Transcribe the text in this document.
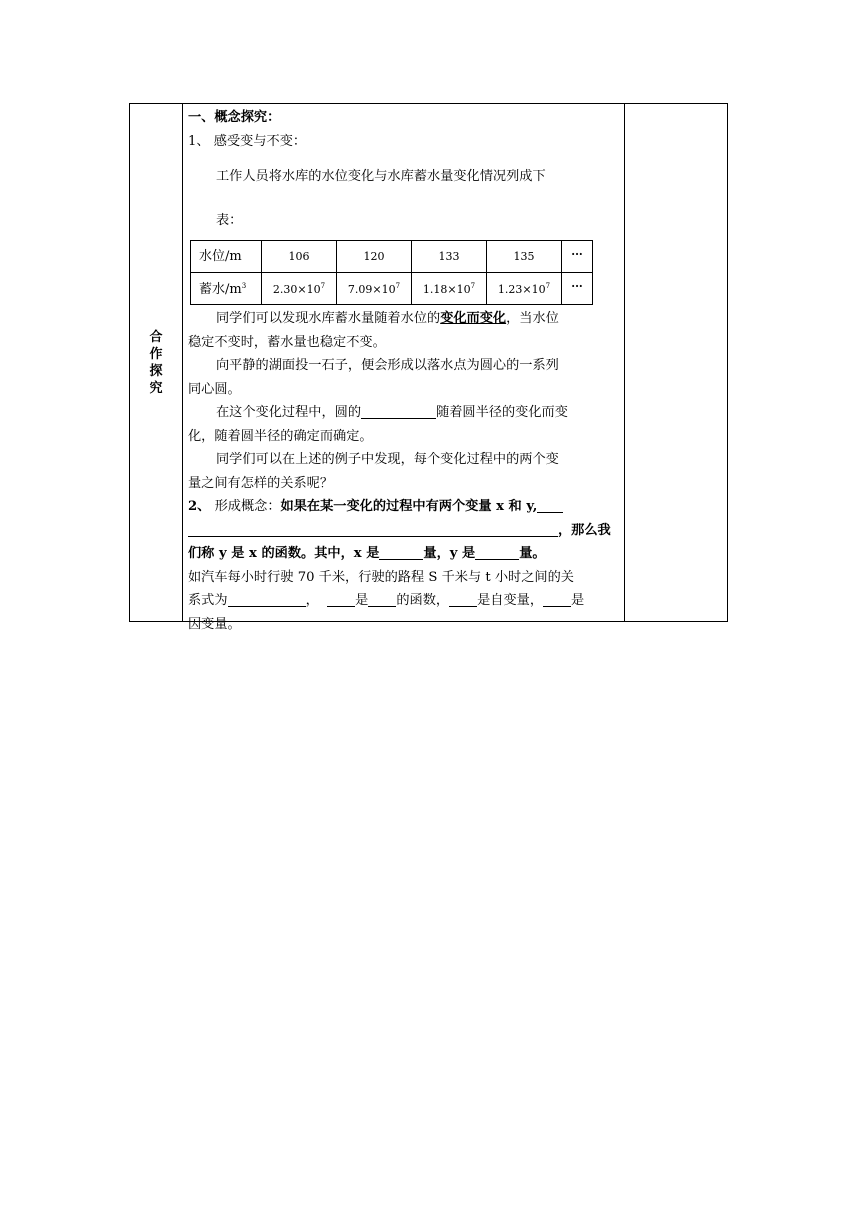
合作探究
一、概念探究：
1、 感受变与不变：
工作人员将水库的水位变化与水库蓄水量变化情况列成下
表：
水位/m	106	120	133	135	···
蓄水$/m^3$	$2.30\times 10^7$	$7.09\times 10^7$	$1.18\times 10^7$	$1.23\times 10^7$	···
同学们可以发现水库蓄水量随着水位的变化而变化，当水位
稳定不变时，蓄水量也稳定不变。
向平静的湖面投一石子，便会形成以落水点为圆心的一系列
同心圆。
在这个变化过程中，圆的	随着圆半径的变化而变
化，随着圆半径的确定而确定。
同学们可以在上述的例子中发现，每个变化过程中的两个变
量之间有怎样的关系呢？
2、 形成概念：如果在某一变化的过程中有两个变量 x 和 y,
，那么我
们称 y 是 x 的函数。其中，x 是	量，y 是	量。
如汽车每小时行驶 70 千米，行驶的路程 S 千米与 t 小时之间的关
系式为	，	是 的函数， 是自变量， 是
因变量。
